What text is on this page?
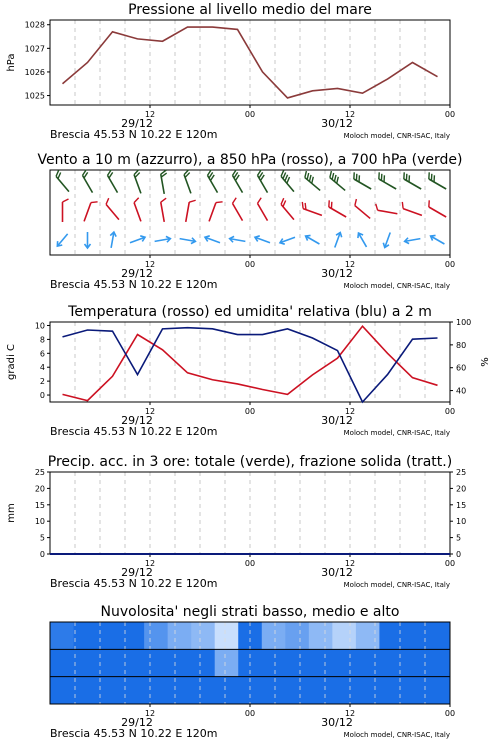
Pressione al livello medio del mare
12	00	12	00
29/12	30/12
Brescia 45.53 N 10.22 E 120m	Moloch model, CNR-ISAC, Italy
1025
1026
1027
1028
hPa
Vento a 10 m (azzurro), a 850 hPa (rosso), a 700 hPa (verde)
12	00	12	00
29/12	30/12
Brescia 45.53 N 10.22 E 120m	Moloch model, CNR-ISAC, Italy
Temperatura (rosso) ed umidita' relativa (blu) a 2 m
12	00	12	00
29/12	30/12
Brescia 45.53 N 10.22 E 120m	Moloch model, CNR-ISAC, Italy
0
2
4
6
8
10
40
60
80
100
gradi C	%
Precip. acc. in 3 ore: totale (verde), frazione solida (tratt.)
12	00	12	00
29/12	30/12
Brescia 45.53 N 10.22 E 120m	Moloch model, CNR-ISAC, Italy
0
5
10
15
20
25
0
5
10
15
20
25
mm
Nuvolosita' negli strati basso, medio e alto
12	00	12	00
29/12	30/12
Brescia 45.53 N 10.22 E 120m	Moloch model, CNR-ISAC, Italy
